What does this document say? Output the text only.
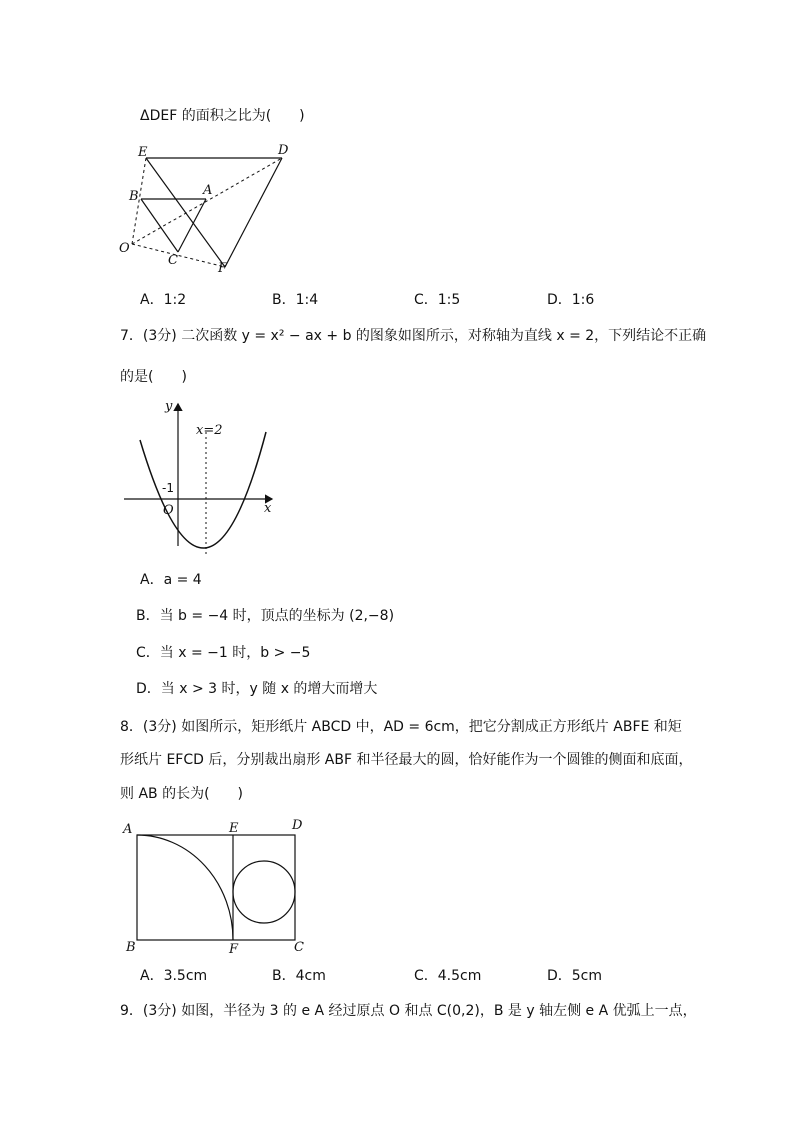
ΔDEF 的面积之比为(　　)
E	D
B	A
O
C
F
A．1:2	B．1:4	C．1:5	D．1:6
7．(3分) 二次函数 y = x² − ax + b 的图象如图所示，对称轴为直线 x = 2，下列结论不正确
的是(　　)
y
x
x=2
-1
O
A．a = 4
B．当 b = −4 时，顶点的坐标为 (2,−8)
C．当 x = −1 时，b > −5
D．当 x > 3 时，y 随 x 的增大而增大
8．(3分) 如图所示，矩形纸片 ABCD 中，AD = 6cm，把它分割成正方形纸片 ABFE 和矩
形纸片 EFCD 后，分别裁出扇形 ABF 和半径最大的圆，恰好能作为一个圆锥的侧面和底面，
则 AB 的长为(　　)
A	E	D
B	F	C
A．3.5cm	B．4cm	C．4.5cm	D．5cm
9．(3分) 如图，半径为 3 的 e A 经过原点 O 和点 C(0,2)，B 是 y 轴左侧 e A 优弧上一点，
